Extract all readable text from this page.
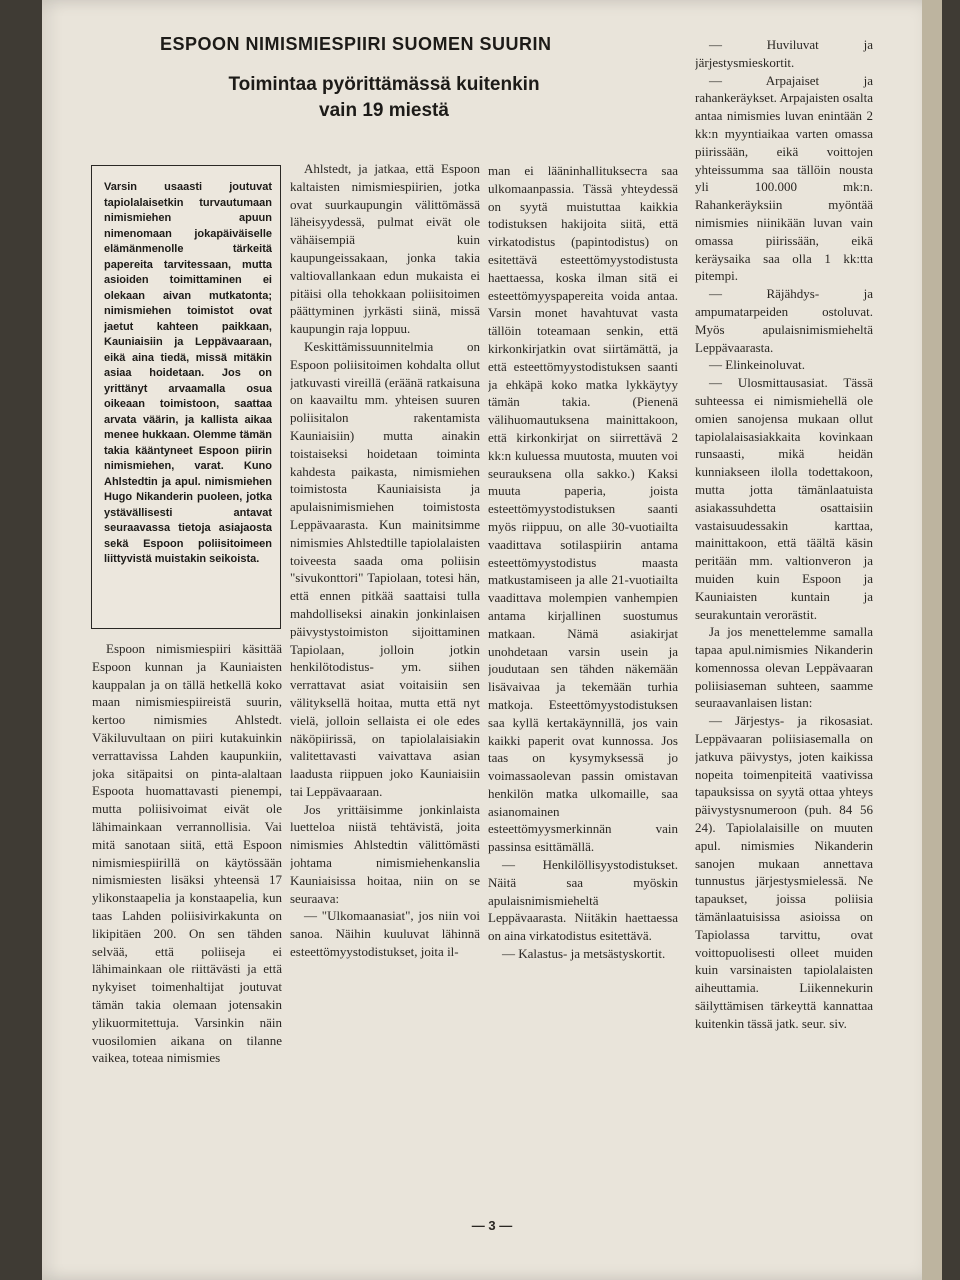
ESPOON NIMISMIESPIIRI SUOMEN SUURIN
Toimintaa pyörittämässä kuitenkin vain 19 miestä

Varsin usaasti joutuvat tapiolalaisetkin turvautumaan nimismiehen apuun nimenomaan jokapäiväiselle elämänmenolle tärkeitä papereita tarvitessaan, mutta asioiden toimittaminen ei olekaan aivan mutkatonta; nimismiehen toimistot ovat jaetut kahteen paikkaan, Kauniaisiin ja Leppävaaraan, eikä aina tiedä, missä mitäkin asiaa hoidetaan. Jos on yrittänyt arvaamalla osua oikeaan toimistoon, saattaa arvata väärin, ja kallista aikaa menee hukkaan. Olemme tämän takia kääntyneet Espoon piirin nimismiehen, varat. Kuno Ahlstedtin ja apul. nimismiehen Hugo Nikanderin puoleen, jotka ystävällisesti antavat seuraavassa tietoja asiajaosta sekä Espoon poliisitoimeen liittyvistä muistakin seikoista.

Espoon nimismiespiiri käsittää Espoon kunnan ja Kauniaisten kauppalan ja on tällä hetkellä koko maan nimismiespiireistä suurin, kertoo nimismies Ahlstedt. Väkiluvultaan on piiri kutakuinkin verrattavissa Lahden kaupunkiin, joka sitäpaitsi on pinta-alaltaan Espoota huomattavasti pienempi, mutta poliisivoimat eivät ole lähimainkaan verrannollisia. Vai mitä sanotaan siitä, että Espoon nimismiespiirillä on käytössään nimismiesten lisäksi yhteensä 17 ylikonstaapelia ja konstaapelia, kun taas Lahden poliisivirkakunta on likipitäen 200. On sen tähden selvää, että poliiseja ei lähimainkaan ole riittävästi ja että nykyiset toimenhaltijat joutuvat tämän takia olemaan jotensakin ylikuormitettuja. Varsinkin näin vuosilomien aikana on tilanne vaikea, toteaa nimismies

Ahlstedt, ja jatkaa, että Espoon kaltaisten nimismiespiirien, jotka ovat suurkaupungin välittömässä läheisyydessä, pulmat eivät ole vähäisempiä kuin kaupungeissakaan, jonka takia valtiovallankaan edun mukaista ei pitäisi olla tehokkaan poliisitoimen päättyminen jyrkästi siinä, missä kaupungin raja loppuu.

Keskittämissuunnitelmia on Espoon poliisitoimen kohdalta ollut jatkuvasti vireillä (eräänä ratkaisuna on kaavailtu mm. yhteisen suuren poliisitalon rakentamista Kauniaisiin) mutta ainakin toistaiseksi hoidetaan toiminta kahdesta paikasta, nimismiehen toimistosta Kauniaisista ja apulaisnimismiehen toimistosta Leppävaarasta. Kun mainitsimme nimismies Ahlstedtille tapiolalaisten toiveesta saada oma poliisin "sivukonttori" Tapiolaan, totesi hän, että ennen pitkää saattaisi tulla mahdolliseksi ainakin jonkinlaisen päivystystoimiston sijoittaminen Tapiolaan, jolloin jotkin henkilötodistus- ym. siihen verrattavat asiat voitaisiin sen välityksellä hoitaa, mutta että nyt vielä, jolloin sellaista ei ole edes näköpiirissä, on tapiolalaisiakin valitettavasti vaivattava asian laadusta riippuen joko Kauniaisiin tai Leppävaaraan.

Jos yrittäisimme jonkinlaista luetteloa niistä tehtävistä, joita nimismies Ahlstedtin välittömästi johtama nimismiehenkanslia Kauniaisissa hoitaa, niin on se seuraava:

— "Ulkomaanasiat", jos niin voi sanoa. Näihin kuuluvat lähinnä esteettömyystodistukset, joita il-

man ei lääninhallitukseста saa ulkomaanpassia. Tässä yhteydessä on syytä muistuttaa kaikkia todistuksen hakijoita siitä, että virkatodistus (papintodistus) on esitettävä esteettömyystodistusta haettaessa, koska ilman sitä ei esteettömyyspapereita voida antaa. Varsin monet havahtuvat vasta tällöin toteamaan senkin, että kirkonkirjatkin ovat siirtämättä, ja että esteettömyystodistuksen saanti ja ehkäpä koko matka lykkäytyy tämän takia. (Pienenä välihuomautuksena mainittakoon, että kirkonkirjat on siirrettävä 2 kk:n kuluessa muutosta, muuten voi seurauksena olla sakko.) Kaksi muuta paperia, joista esteettömyystodistuksen saanti myös riippuu, on alle 30-vuotiailta vaadittava sotilaspiirin antama esteettömyystodistus maasta matkustamiseen ja alle 21-vuotiailta vaadittava molempien vanhempien antama kirjallinen suostumus matkaan. Nämä asiakirjat unohdetaan varsin usein ja joudutaan sen tähden näkemään lisävaivaa ja tekemään turhia matkoja. Esteettömyystodistuksen saa kyllä kertakäynnillä, jos vain kaikki paperit ovat kunnossa. Jos taas on kysymyksessä jo voimassaolevan passin omistavan henkilön matka ulkomaille, saa asianomainen esteettömyysmerkinnän vain passinsa esittämällä.

— Henkilöllisyystodistukset. Näitä saa myöskin apulaisnimismieheltä Leppävaarasta. Niitäkin haettaessa on aina virkatodistus esitettävä.

— Kalastus- ja metsästyskortit.

— Huviluvat ja järjestysmieskortit.

— Arpajaiset ja rahankeräykset. Arpajaisten osalta antaa nimismies luvan enintään 2 kk:n myyntiaikaa varten omassa piirissään, eikä voittojen yhteissumma saa tällöin nousta yli 100.000 mk:n. Rahankeräyksiin myöntää nimismies niinikään luvan vain omassa piirissään, eikä keräysaika saa olla 1 kk:tta pitempi.

— Räjähdys- ja ampumatarpeiden ostoluvat. Myös apulaisnimismieheltä Leppävaarasta.

— Elinkeinoluvat.

— Ulosmittausasiat. Tässä suhteessa ei nimismiehellä ole omien sanojensa mukaan ollut tapiolalaisasiakkaita kovinkaan runsaasti, mikä heidän kunniakseen ilolla todettakoon, mutta jotta tämänlaatuista asiakassuhdetta osattaisiin vastaisuudessakin karttaa, mainittakoon, että täältä käsin peritään mm. valtionveron ja muiden kuin Espoon ja Kauniaisten kuntain ja seurakuntain verorästit.

Ja jos menettelemme samalla tapaa apul.nimismies Nikanderin komennossa olevan Leppävaaran poliisiaseman suhteen, saamme seuraavanlaisen listan:

— Järjestys- ja rikosasiat. Leppävaaran poliisiasemalla on jatkuva päivystys, joten kaikissa nopeita toimenpiteitä vaativissa tapauksissa on syytä ottaa yhteys päivystysnumeroon (puh. 84 56 24). Tapiolalaisille on muuten apul. nimismies Nikanderin sanojen mukaan annettava tunnustus järjestysmielessä. Ne tapaukset, joissa poliisia tämänlaatuisissa asioissa on Tapiolassa tarvittu, ovat voittopuolisesti olleet muiden kuin varsinaisten tapiolalaisten aiheuttamia. Liikennekurin säilyttämisen tärkeyttä kannattaa kuitenkin tässä jatk. seur. siv.

— 3 —
